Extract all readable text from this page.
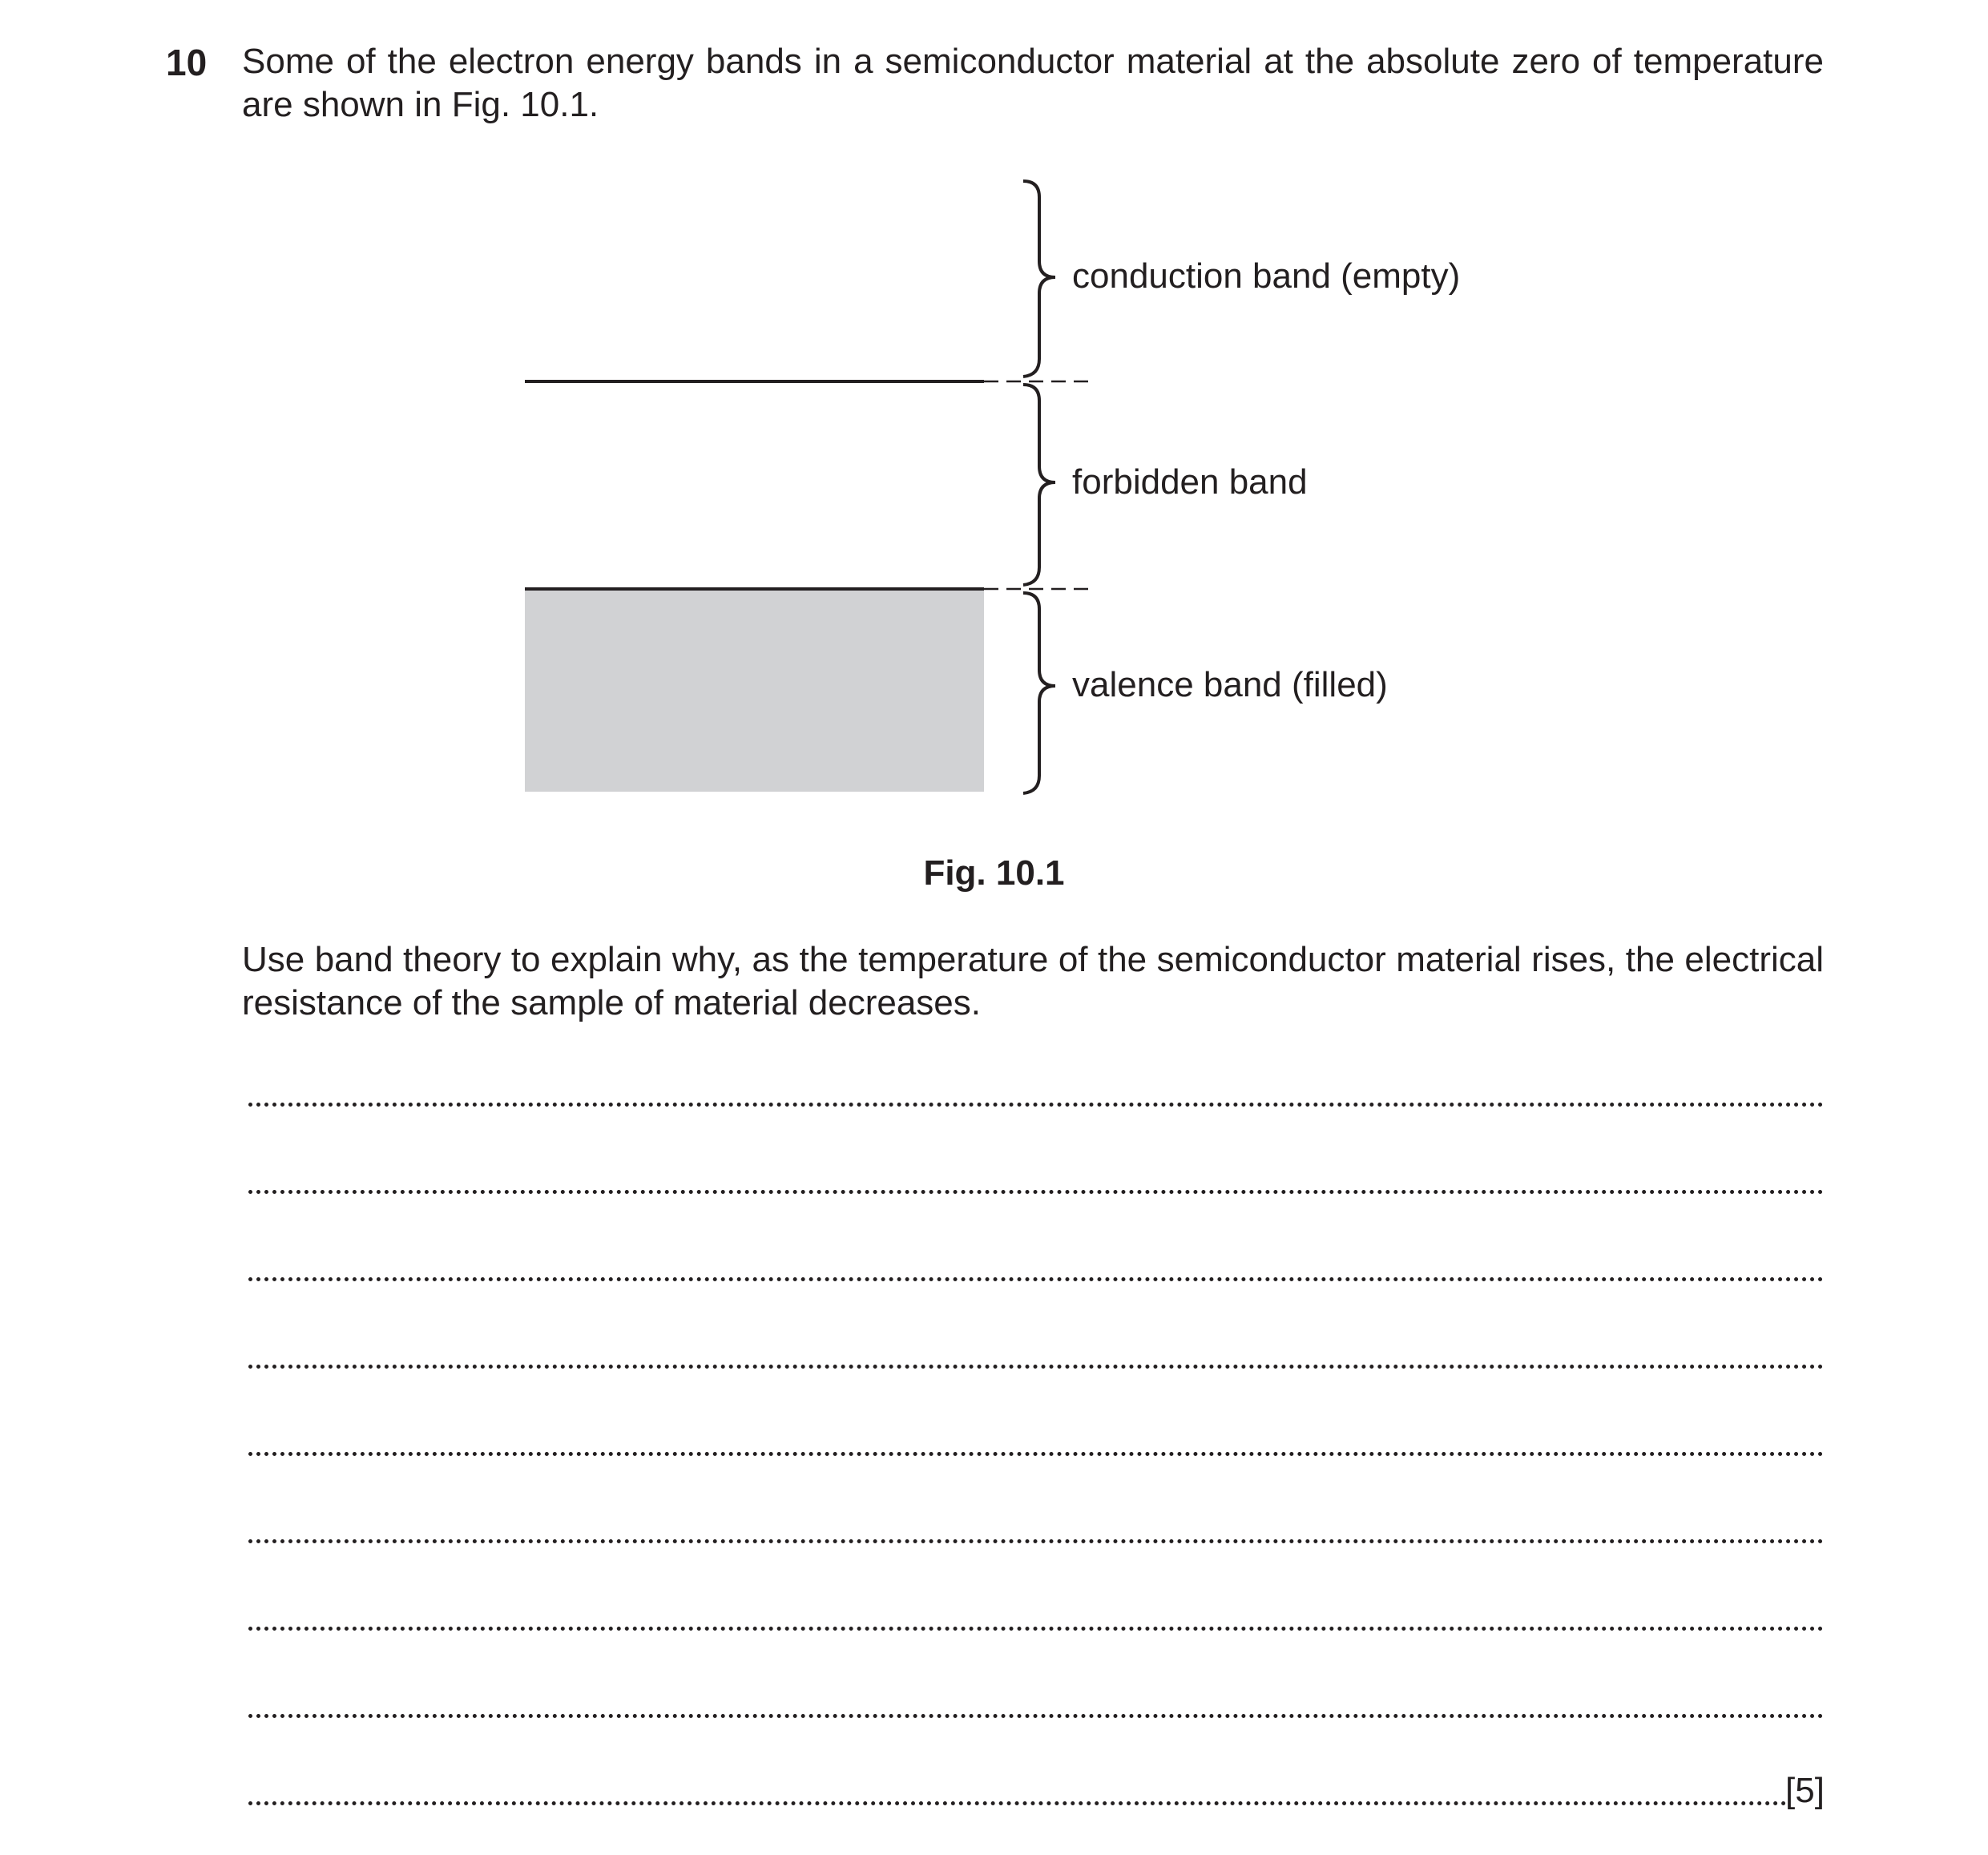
10 Some of the electron energy bands in a semiconductor material at the absolute zero of temperature are shown in Fig. 10.1.
conduction band (empty)
forbidden band
valence band (filled)
Fig. 10.1
Use band theory to explain why, as the temperature of the semiconductor material rises, the electrical resistance of the sample of material decreases.
[5]
